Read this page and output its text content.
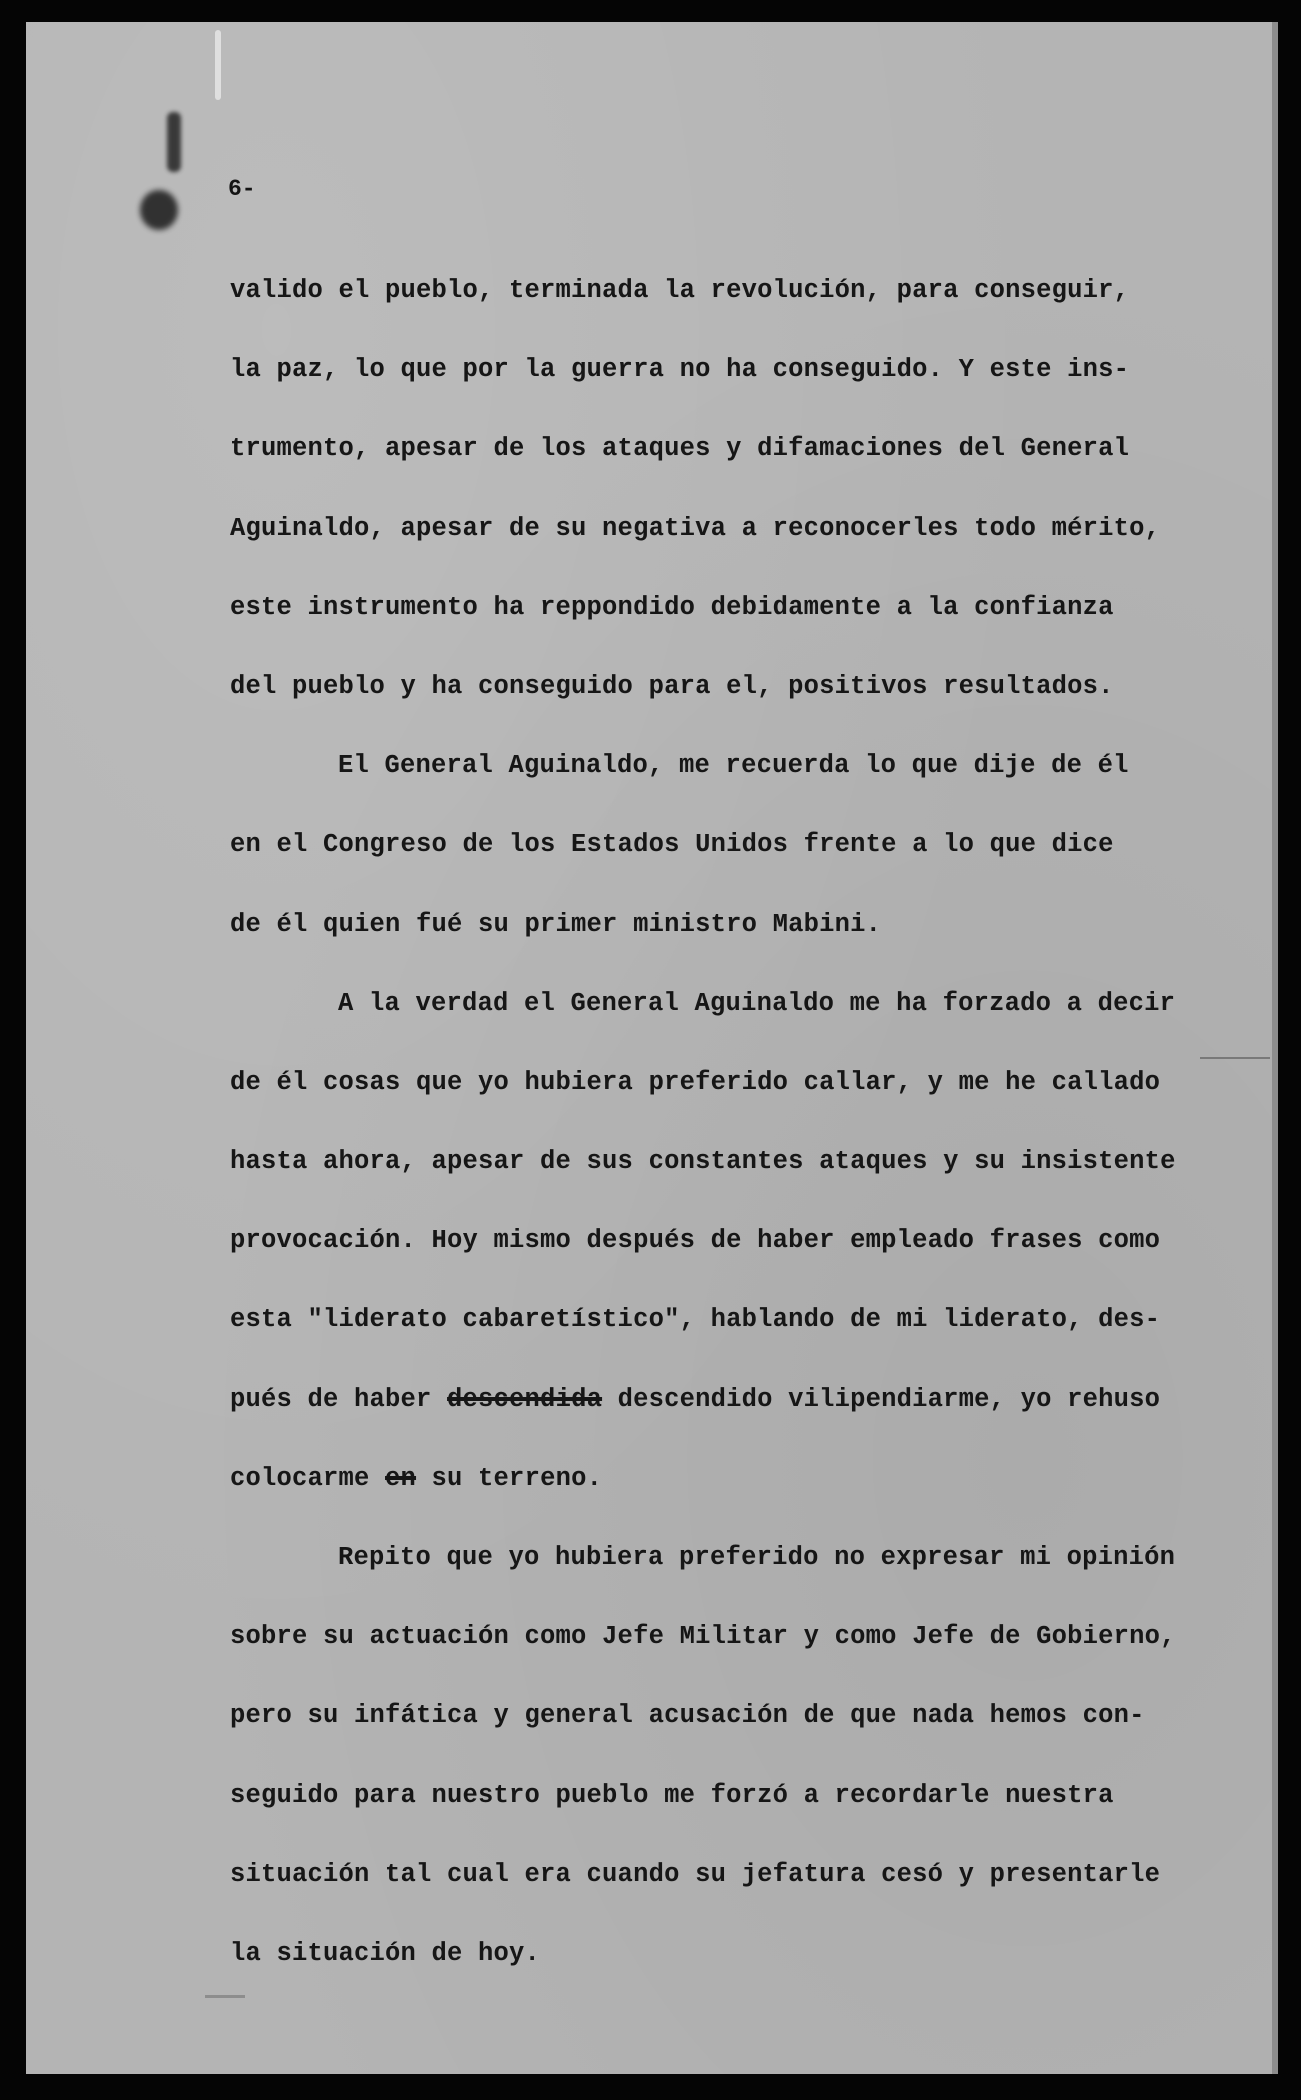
6-
valido el pueblo, terminada la revolución, para conseguir,
la paz, lo que por la guerra no ha conseguido. Y este ins-
trumento, apesar de los ataques y difamaciones del General
Aguinaldo, apesar de su negativa a reconocerles todo mérito,
este instrumento ha reppondido debidamente a la confianza
del pueblo y ha conseguido para el, positivos resultados.
El General Aguinaldo, me recuerda lo que dije de él
en el Congreso de los Estados Unidos frente a lo que dice
de él quien fué su primer ministro Mabini.
A la verdad el General Aguinaldo me ha forzado a decir
de él cosas que yo hubiera preferido callar, y me he callado
hasta ahora, apesar de sus constantes ataques y su insistente
provocación. Hoy mismo después de haber empleado frases como
esta "liderato cabaretístico", hablando de mi liderato, des-
pués de haber descendida descendido vilipendiarme, yo rehuso
colocarme en su terreno.
Repito que yo hubiera preferido no expresar mi opinión
sobre su actuación como Jefe Militar y como Jefe de Gobierno,
pero su infática y general acusación de que nada hemos con-
seguido para nuestro pueblo me forzó a recordarle nuestra
situación tal cual era cuando su jefatura cesó y presentarle
la situación de hoy.
